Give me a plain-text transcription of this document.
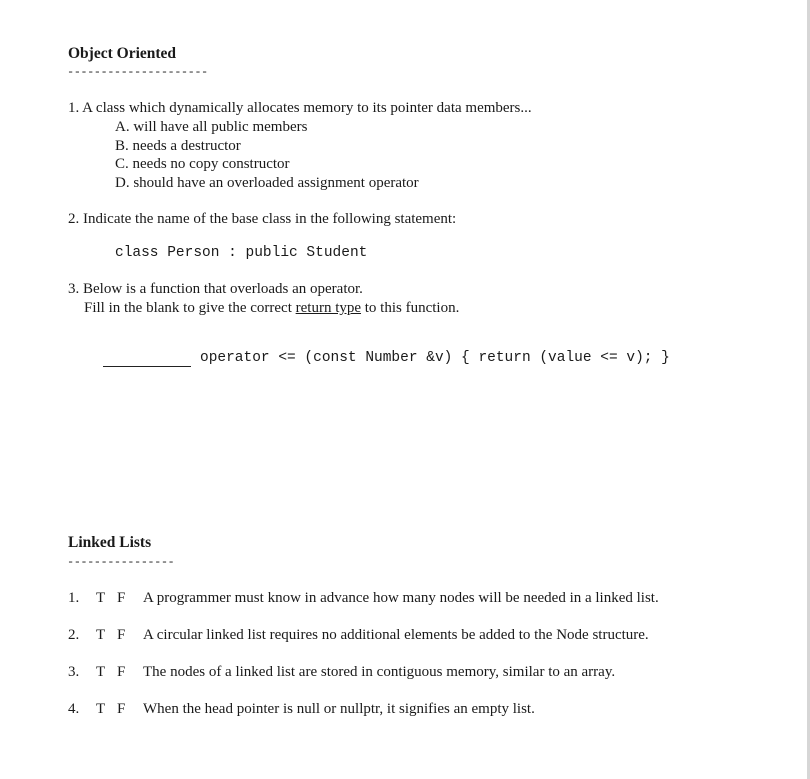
Object Oriented
---------------------
1. A class which dynamically allocates memory to its pointer data members...
A. will have all public members
B. needs a destructor
C. needs no copy constructor
D. should have an overloaded assignment operator
2. Indicate the name of the base class in the following statement:
class Person : public Student
3. Below is a function that overloads an operator.
Fill in the blank to give the correct return type to this function.
operator <= (const Number &v) { return (value <= v); }
Linked Lists
----------------
1. T F A programmer must know in advance how many nodes will be needed in a linked list.
2. T F A circular linked list requires no additional elements be added to the Node structure.
3. T F The nodes of a linked list are stored in contiguous memory, similar to an array.
4. T F When the head pointer is null or nullptr, it signifies an empty list.
